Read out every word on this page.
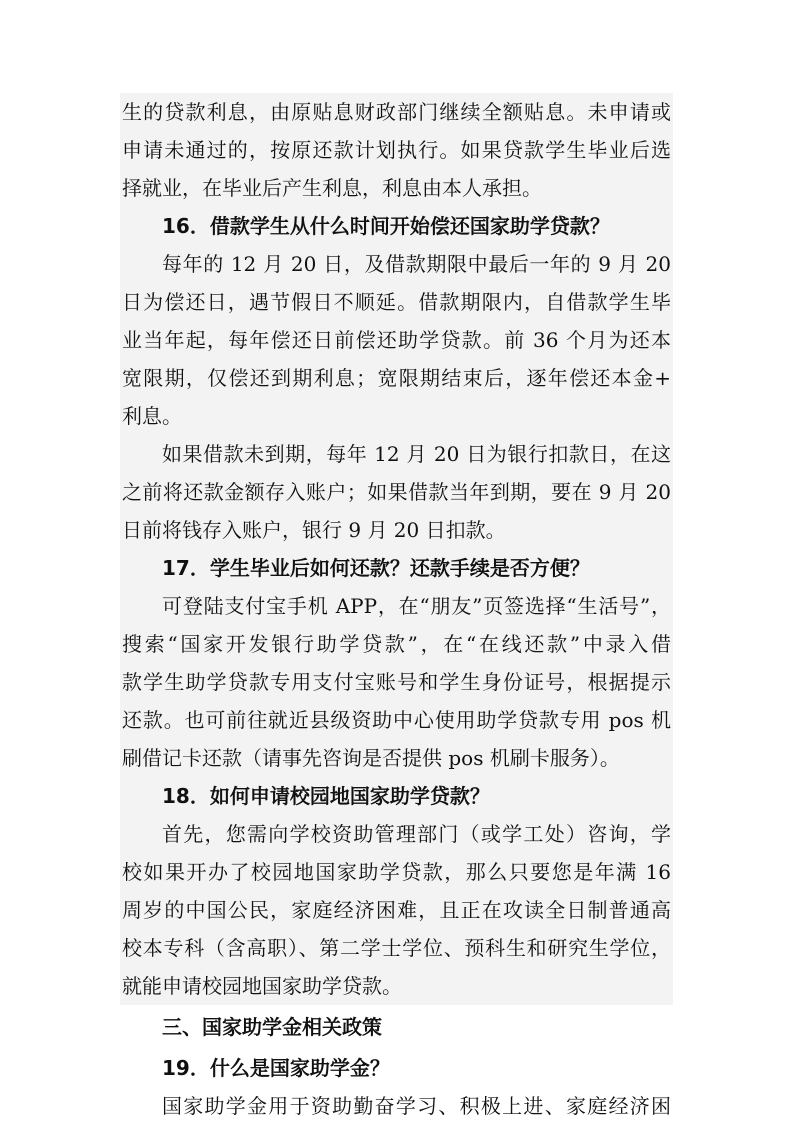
生的贷款利息，由原贴息财政部门继续全额贴息。未申请或
申请未通过的，按原还款计划执行。如果贷款学生毕业后选
择就业，在毕业后产生利息，利息由本人承担。
16．借款学生从什么时间开始偿还国家助学贷款？
每年的 12 月 20 日，及借款期限中最后一年的 9 月 20
日为偿还日，遇节假日不顺延。借款期限内，自借款学生毕
业当年起，每年偿还日前偿还助学贷款。前 36 个月为还本
宽限期，仅偿还到期利息；宽限期结束后，逐年偿还本金+
利息。
如果借款未到期，每年 12 月 20 日为银行扣款日，在这
之前将还款金额存入账户；如果借款当年到期，要在 9 月 20
日前将钱存入账户，银行 9 月 20 日扣款。
17．学生毕业后如何还款？还款手续是否方便？
可登陆支付宝手机 APP，在“朋友”页签选择“生活号”，
搜索“国家开发银行助学贷款”，在“在线还款”中录入借
款学生助学贷款专用支付宝账号和学生身份证号，根据提示
还款。也可前往就近县级资助中心使用助学贷款专用 pos 机
刷借记卡还款（请事先咨询是否提供 pos 机刷卡服务）。
18．如何申请校园地国家助学贷款？
首先，您需向学校资助管理部门（或学工处）咨询，学
校如果开办了校园地国家助学贷款，那么只要您是年满 16
周岁的中国公民，家庭经济困难，且正在攻读全日制普通高
校本专科（含高职）、第二学士学位、预科生和研究生学位，
就能申请校园地国家助学贷款。
三、国家助学金相关政策
19．什么是国家助学金？
国家助学金用于资助勤奋学习、积极上进、家庭经济困
